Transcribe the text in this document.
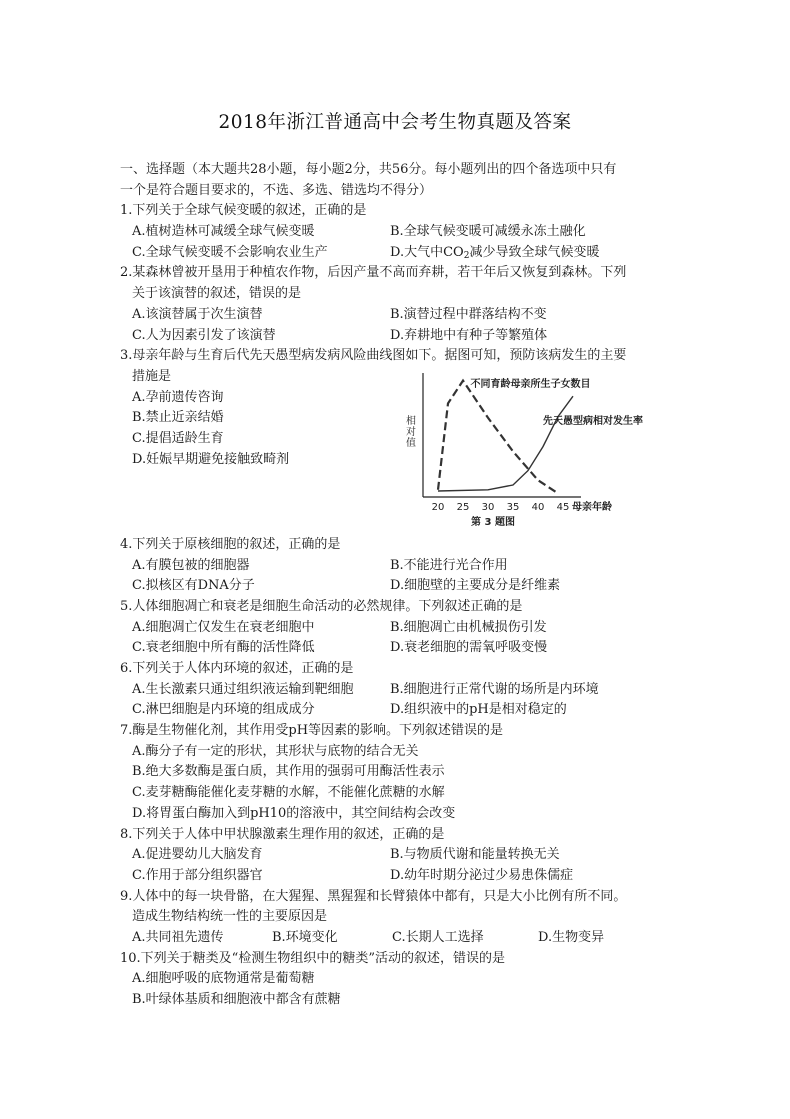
2018年浙江普通高中会考生物真题及答案
一、选择题（本大题共28小题，每小题2分，共56分。每小题列出的四个备选项中只有
一个是符合题目要求的，不选、多选、错选均不得分）
1.下列关于全球气候变暖的叙述，正确的是
A.植树造林可减缓全球气候变暖	B.全球气候变暖可减缓永冻土融化
C.全球气候变暖不会影响农业生产	D.大气中$CO_2$减少导致全球气候变暖
2.某森林曾被开垦用于种植农作物，后因产量不高而弃耕，若干年后又恢复到森林。下列
关于该演替的叙述，错误的是
A.该演替属于次生演替	B.演替过程中群落结构不变
C.人为因素引发了该演替	D.弃耕地中有种子等繁殖体
3.母亲年龄与生育后代先天愚型病发病风险曲线图如下。据图可知，预防该病发生的主要
措施是
A.孕前遗传咨询
B.禁止近亲结婚
C.提倡适龄生育
D.妊娠早期避免接触致畸剂
相对值
20 25 30 35 40 45 母亲年龄
第 3 题图
不同育龄母亲所生子女数目
先天愚型病相对发生率
4.下列关于原核细胞的叙述，正确的是
A.有膜包被的细胞器	B.不能进行光合作用
C.拟核区有DNA分子	D.细胞壁的主要成分是纤维素
5.人体细胞凋亡和衰老是细胞生命活动的必然规律。下列叙述正确的是
A.细胞凋亡仅发生在衰老细胞中	B.细胞凋亡由机械损伤引发
C.衰老细胞中所有酶的活性降低	D.衰老细胞的需氧呼吸变慢
6.下列关于人体内环境的叙述，正确的是
A.生长激素只通过组织液运输到靶细胞	B.细胞进行正常代谢的场所是内环境
C.淋巴细胞是内环境的组成成分	D.组织液中的pH是相对稳定的
7.酶是生物催化剂，其作用受pH等因素的影响。下列叙述错误的是
A.酶分子有一定的形状，其形状与底物的结合无关
B.绝大多数酶是蛋白质，其作用的强弱可用酶活性表示
C.麦芽糖酶能催化麦芽糖的水解，不能催化蔗糖的水解
D.将胃蛋白酶加入到pH10的溶液中，其空间结构会改变
8.下列关于人体中甲状腺激素生理作用的叙述，正确的是
A.促进婴幼儿大脑发育	B.与物质代谢和能量转换无关
C.作用于部分组织器官	D.幼年时期分泌过少易患侏儒症
9.人体中的每一块骨骼，在大猩猩、黑猩猩和长臂猿体中都有，只是大小比例有所不同。
造成生物结构统一性的主要原因是
A.共同祖先遗传	B.环境变化	C.长期人工选择	D.生物变异
10.下列关于糖类及“检测生物组织中的糖类”活动的叙述，错误的是
A.细胞呼吸的底物通常是葡萄糖
B.叶绿体基质和细胞液中都含有蔗糖
